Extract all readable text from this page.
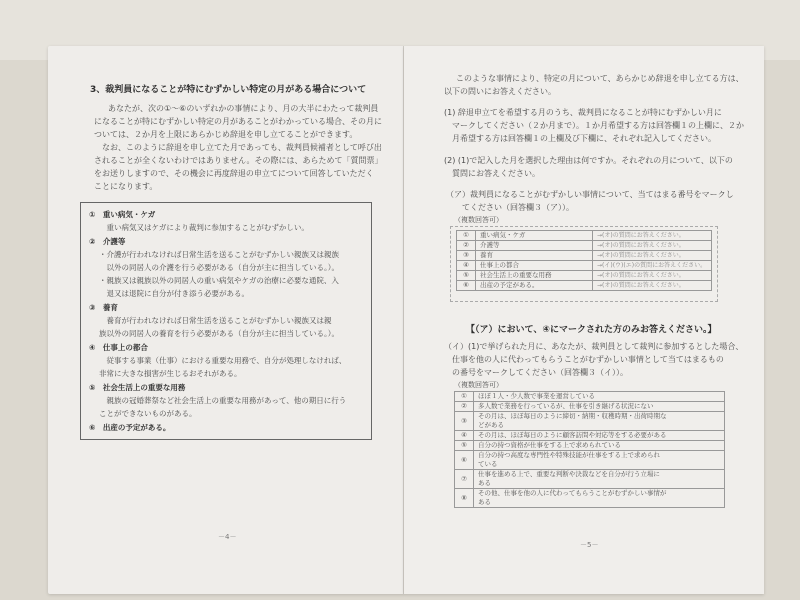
3、裁判員になることが特にむずかしい特定の月がある場合について
あなたが、次の①～⑥のいずれかの事情により、月の大半にわたって裁判員
になることが特にむずかしい特定の月があることがわかっている場合、その月に
ついては、２か月を上限にあらかじめ辞退を申し立てることができます。
　なお、このように辞退を申し立てた月であっても、裁判員候補者として呼び出
されることが全くないわけではありません。その際には、あらためて「質問票」
をお送りしますので、その機会に再度辞退の申立てについて回答していただく
ことになります。
①　重い病気・ケガ
　重い病気又はケガにより裁判に参加することがむずかしい。
②　介護等
・介護が行われなければ日常生活を送ることがむずかしい親族又は親族
　以外の同居人の介護を行う必要がある（自分が主に担当している。）。
・親族又は親族以外の同居人の重い病気やケガの治療に必要な通院、入
　退又は退院に自分が付き添う必要がある。
③　養育
　養育が行われなければ日常生活を送ることがむずかしい親族又は親
族以外の同居人の養育を行う必要がある（自分が主に担当している。）。
④　仕事上の都合
　従事する事業（仕事）における重要な用務で、自分が処理しなければ、
非常に大きな損害が生じるおそれがある。
⑤　社会生活上の重要な用務
　親族の冠婚葬祭など社会生活上の重要な用務があって、他の期日に行う
ことができないものがある。
⑥　出産の予定がある。
－4－
このような事情により、特定の月について、あらかじめ辞退を申し立てる方は、
以下の問いにお答えください。
(1) 辞退申立てを希望する月のうち、裁判員になることが特にむずかしい月に
　マークしてください（２か月まで）。１か月希望する方は回答欄１の上欄に、２か
　月希望する方は回答欄１の上欄及び下欄に、それぞれ記入してください。
(2) (1)で記入した月を選択した理由は何ですか。それぞれの月について、以下の
　質問にお答えください。
（ア）裁判員になることがむずかしい事情について、当てはまる番号をマークし
　　てください（回答欄３（ア））。
（複数回答可）
①	重い病気・ケガ	→(オ)の質問にお答えください。
②	介護等	→(オ)の質問にお答えください。
③	養育	→(オ)の質問にお答えください。
④	仕事上の都合	→(イ)(ウ)(エ)の質問にお答えください。
⑤	社会生活上の重要な用務	→(オ)の質問にお答えください。
⑥	出産の予定がある。	→(オ)の質問にお答えください。
【（ア）において、④にマークされた方のみお答えください。】
（イ）(1)で挙げられた月に、あなたが、裁判員として裁判に参加するとした場合、
　仕事を他の人に代わってもらうことがむずかしい事情として当てはまるもの
　の番号をマークしてください（回答欄３（イ））。
（複数回答可）
①	ほぼ１人・少人数で事業を運営している
②	多人数で業務を行っているが、仕事を引き継げる状況にない
③	その月は、ほぼ毎日のように締切・納期・収穫時期・出荷時期な
どがある
④	その月は、ほぼ毎日のように顧客訪問や対応等をする必要がある
⑤	自分の持つ資格が仕事をする上で求められている
⑥	自分の持つ高度な専門性や特殊技能が仕事をする上で求められ
ている
⑦	仕事を進める上で、重要な判断や決裁などを自分が行う立場に
ある
⑧	その他、仕事を他の人に代わってもらうことがむずかしい事情が
ある
－5－
